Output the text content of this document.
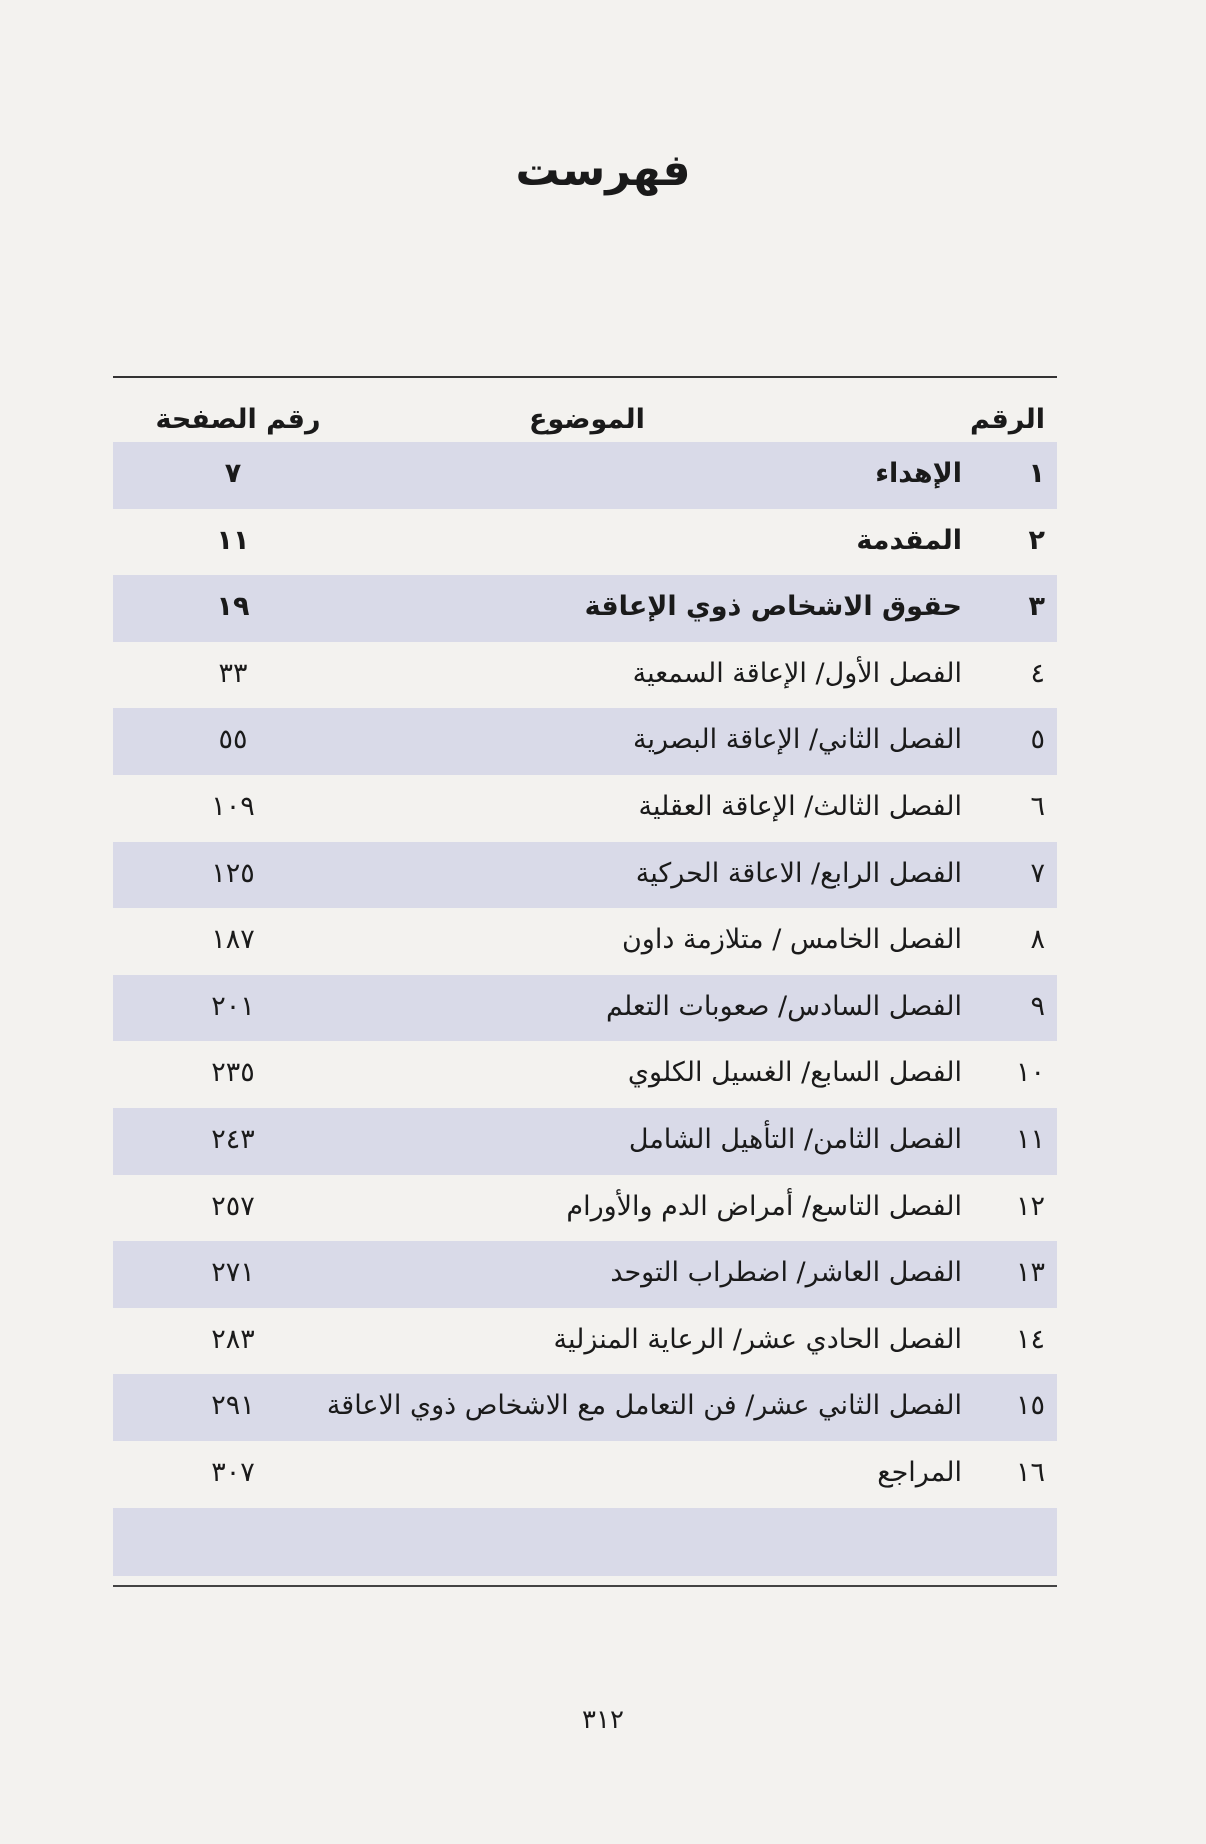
فهرست
الرقم
الموضوع
رقم الصفحة
١
الإهداء
٧
٢
المقدمة
١١
٣
حقوق الاشخاص ذوي الإعاقة
١٩
٤
الفصل الأول/ الإعاقة السمعية
٣٣
٥
الفصل الثاني/ الإعاقة البصرية
٥٥
٦
الفصل الثالث/ الإعاقة العقلية
١٠٩
٧
الفصل الرابع/ الاعاقة الحركية
١٢٥
٨
الفصل الخامس / متلازمة داون
١٨٧
٩
الفصل السادس/ صعوبات التعلم
٢٠١
١٠
الفصل السابع/ الغسيل الكلوي
٢٣٥
١١
الفصل الثامن/ التأهيل الشامل
٢٤٣
١٢
الفصل التاسع/ أمراض الدم والأورام
٢٥٧
١٣
الفصل العاشر/ اضطراب التوحد
٢٧١
١٤
الفصل الحادي عشر/ الرعاية المنزلية
٢٨٣
١٥
الفصل الثاني عشر/ فن التعامل مع الاشخاص ذوي الاعاقة
٢٩١
١٦
المراجع
٣٠٧
٣١٢
